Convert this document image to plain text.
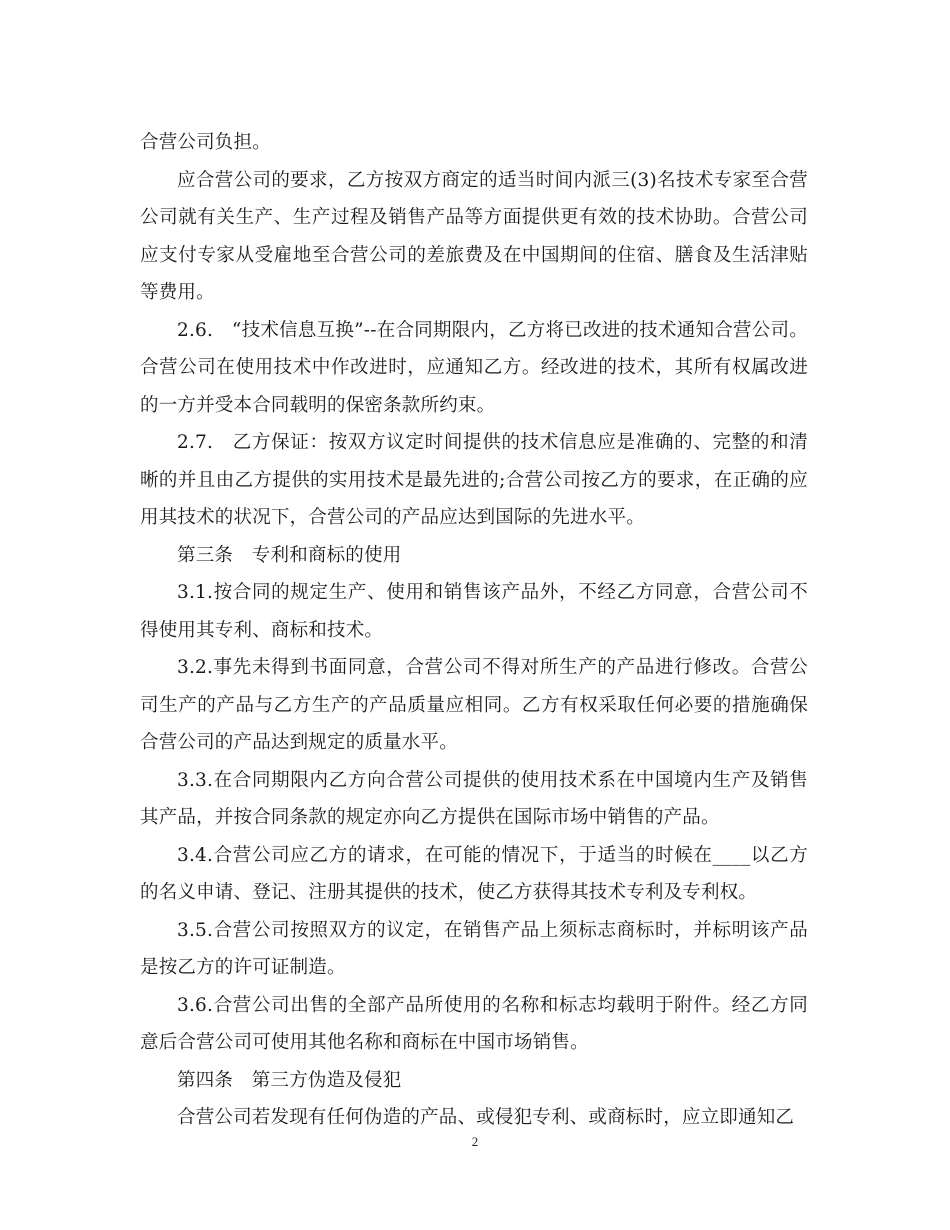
合营公司负担。

应合营公司的要求，乙方按双方商定的适当时间内派三(3)名技术专家至合营公司就有关生产、生产过程及销售产品等方面提供更有效的技术协助。合营公司应支付专家从受雇地至合营公司的差旅费及在中国期间的住宿、膳食及生活津贴等费用。

2.6.　“技术信息互换”--在合同期限内，乙方将已改进的技术通知合营公司。合营公司在使用技术中作改进时，应通知乙方。经改进的技术，其所有权属改进的一方并受本合同载明的保密条款所约束。

2.7.　乙方保证：按双方议定时间提供的技术信息应是准确的、完整的和清晰的并且由乙方提供的实用技术是最先进的;合营公司按乙方的要求，在正确的应用其技术的状况下，合营公司的产品应达到国际的先进水平。

第三条　专利和商标的使用

3.1.按合同的规定生产、使用和销售该产品外，不经乙方同意，合营公司不得使用其专利、商标和技术。

3.2.事先未得到书面同意，合营公司不得对所生产的产品进行修改。合营公司生产的产品与乙方生产的产品质量应相同。乙方有权采取任何必要的措施确保合营公司的产品达到规定的质量水平。

3.3.在合同期限内乙方向合营公司提供的使用技术系在中国境内生产及销售其产品，并按合同条款的规定亦向乙方提供在国际市场中销售的产品。

3.4.合营公司应乙方的请求，在可能的情况下，于适当的时候在____以乙方的名义申请、登记、注册其提供的技术，使乙方获得其技术专利及专利权。

3.5.合营公司按照双方的议定，在销售产品上须标志商标时，并标明该产品是按乙方的许可证制造。

3.6.合营公司出售的全部产品所使用的名称和标志均载明于附件。经乙方同意后合营公司可使用其他名称和商标在中国市场销售。

第四条　第三方伪造及侵犯

合营公司若发现有任何伪造的产品、或侵犯专利、或商标时，应立即通知乙

2
